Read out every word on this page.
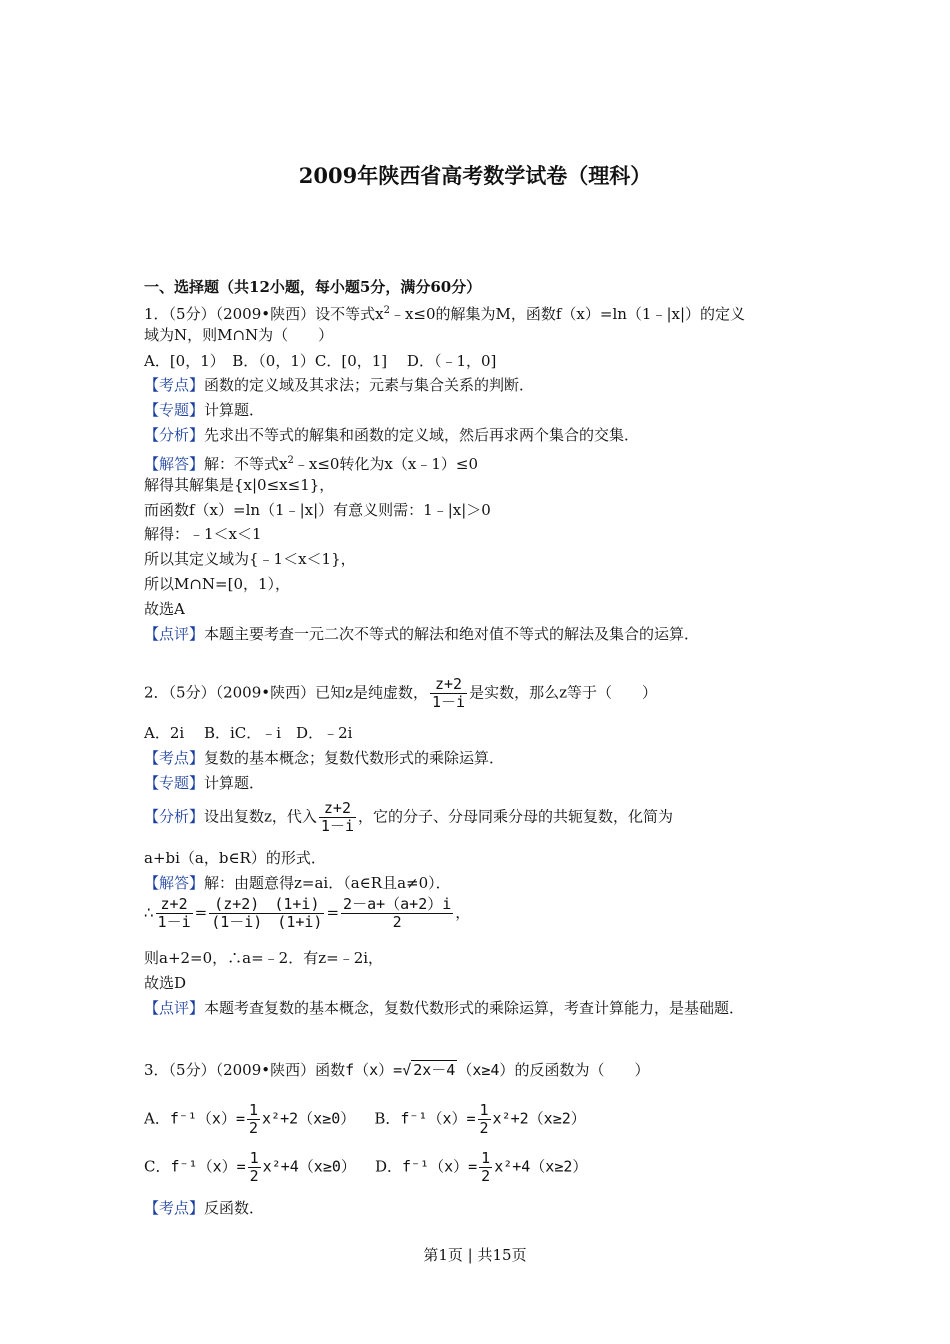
2009年陕西省高考数学试卷（理科）
一、选择题（共12小题，每小题5分，满分60分）
1．（5分）（2009•陕西）设不等式$x^2﹣x\le 0$的解集为M，函数f（x）=ln（1﹣|x|）的定义
域为N，则M∩N为（　　）
A．[0，1）　B．（0，1）C．[0，1]　 D．（﹣1，0]
【考点】函数的定义域及其求法；元素与集合关系的判断．
【专题】计算题．
【分析】先求出不等式的解集和函数的定义域，然后再求两个集合的交集．
【解答】解：不等式$x^2﹣x\le 0$转化为x（x﹣1）≤0
解得其解集是{x|0≤x≤1}，
而函数f（x）=ln（1﹣|x|）有意义则需：1﹣|x|＞0
解得：﹣1＜x＜1
所以其定义域为{﹣1＜x＜1}，
所以M∩N=[0，1），
故选A
【点评】本题主要考查一元二次不等式的解法和绝对值不等式的解法及集合的运算．
2．（5分）（2009•陕西）已知z是纯虚数， $\frac{z+2}{1-i}$ 是实数，那么z等于（　　）
A．2i　 B．iC．﹣i　D．﹣2i
【考点】复数的基本概念；复数代数形式的乘除运算．
【专题】计算题．
【分析】设出复数z，代入 $\frac{z+2}{1-i}$ ，它的分子、分母同乘分母的共轭复数，化简为
a+bi（a，b∈R）的形式．
【解答】解：由题意得z=ai．（a∈R且a≠0）．
∴ $\frac{z+2}{1-i} = \frac{(z+2) (1+i)}{(1-i) (1+i)} = \frac{2-a+(a+2)i}{2}$ ，
则a+2=0，∴a=﹣2．有z=﹣2i，
故选D
【点评】本题考查复数的基本概念，复数代数形式的乘除运算，考查计算能力，是基础题．
3．（5分）（2009•陕西）函数f（x）=√ 2x－4 （x≥4）的反函数为（　　）
A．$f^{-1}(x)= \frac{1}{2} x^2+2(x\ge 0)$ B．$f^{-1}(x)= \frac{1}{2} x^2+2(x\ge 2)$
C．$f^{-1}(x)= \frac{1}{2} x^2+4(x\ge 0)$ D．$f^{-1}(x)= \frac{1}{2} x^2+4(x\ge 2)$
【考点】反函数．
第1页 | 共15页
